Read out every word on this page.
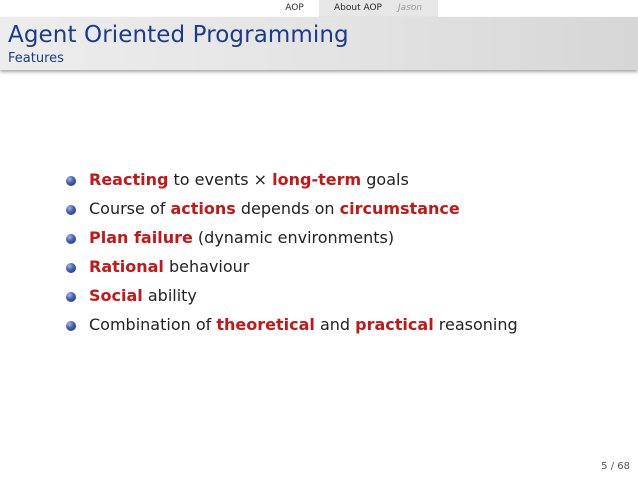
AOP	About AOP Jason
Agent Oriented Programming
Features
Reacting to events × long-term goals
Course of actions depends on circumstance
Plan failure (dynamic environments)
Rational behaviour
Social ability
Combination of theoretical and practical reasoning
5 / 68
